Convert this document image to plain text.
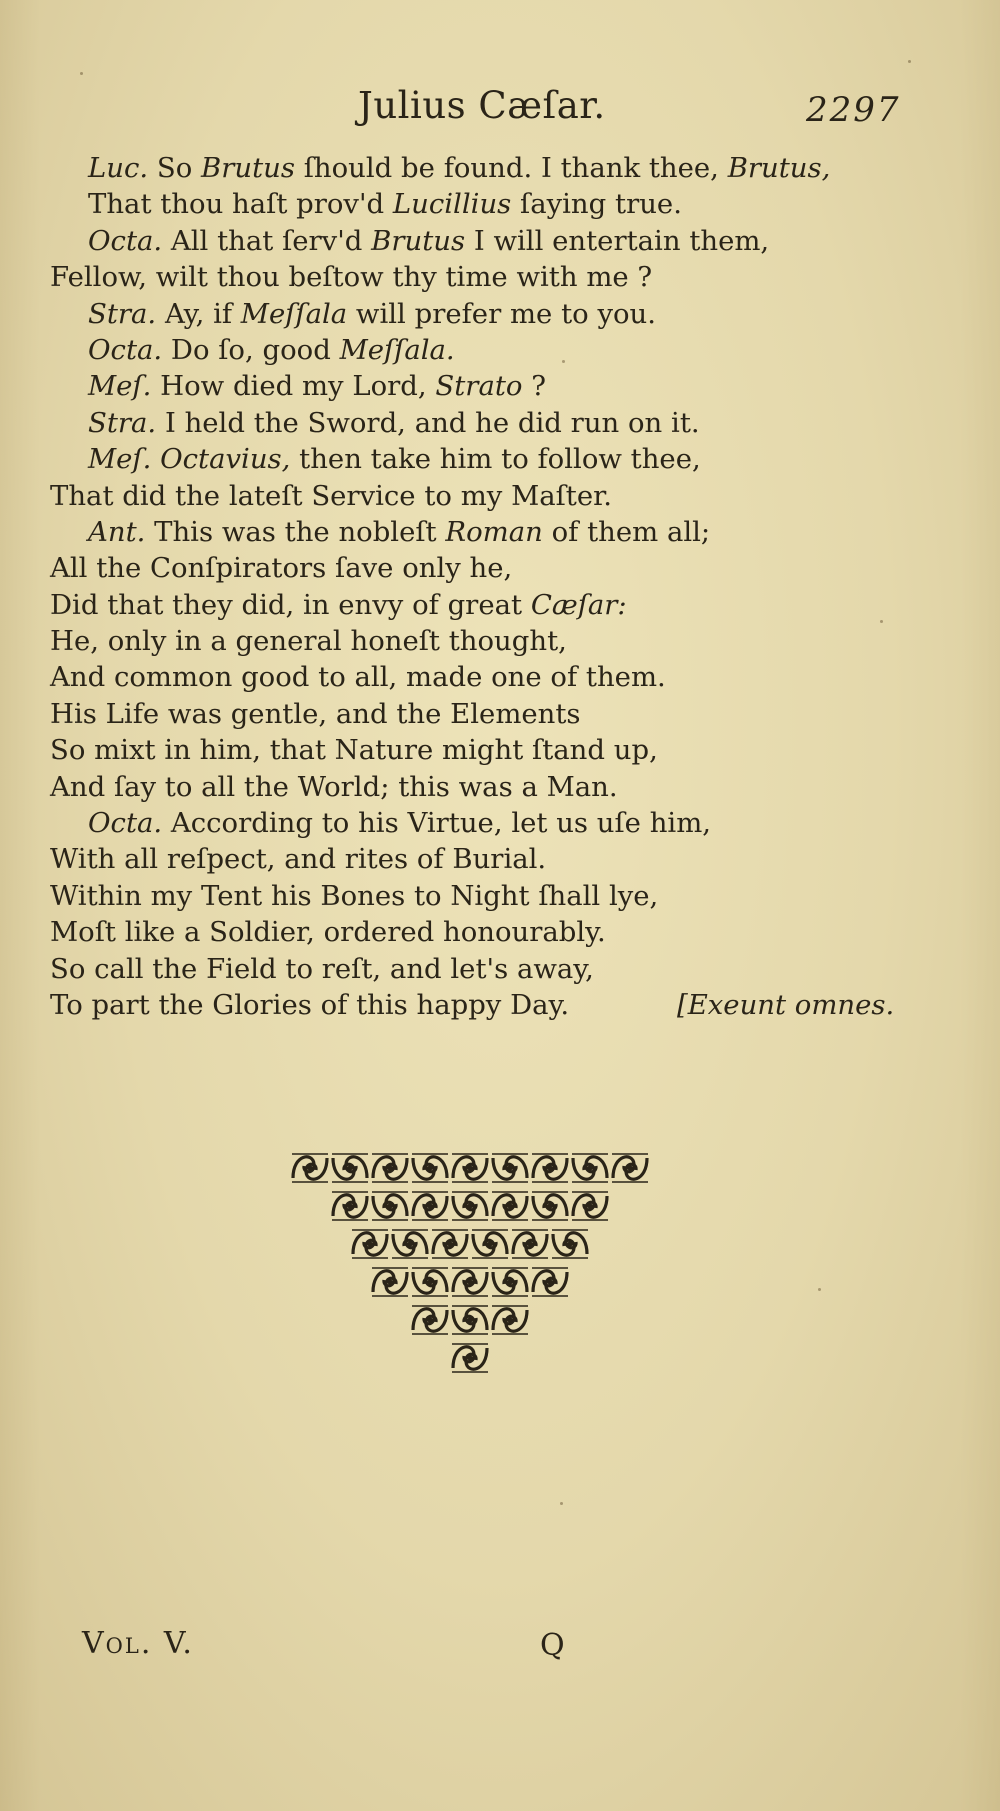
Julius Cæſar.	2297
Luc. So Brutus ſhould be found. I thank thee, Brutus,
That thou haſt prov'd Lucillius ſaying true.
Octa. All that ſerv'd Brutus I will entertain them,
Fellow, wilt thou beſtow thy time with me ?
Stra. Ay, if Meſſala will prefer me to you.
Octa. Do ſo, good Meſſala.
Meſ. How died my Lord, Strato ?
Stra. I held the Sword, and he did run on it.
Meſ. Octavius, then take him to follow thee,
That did the lateſt Service to my Maſter.
Ant. This was the nobleſt Roman of them all;
All the Conſpirators ſave only he,
Did that they did, in envy of great Cæſar:
He, only in a general honeſt thought,
And common good to all, made one of them.
His Life was gentle, and the Elements
So mixt in him, that Nature might ſtand up,
And ſay to all the World; this was a Man.
Octa. According to his Virtue, let us uſe him,
With all reſpect, and rites of Burial.
Within my Tent his Bones to Night ſhall lye,
Moſt like a Soldier, ordered honourably.
So call the Field to reſt, and let's away,
To part the Glories of this happy Day.	[Exeunt omnes.
Vol. V.	Q
